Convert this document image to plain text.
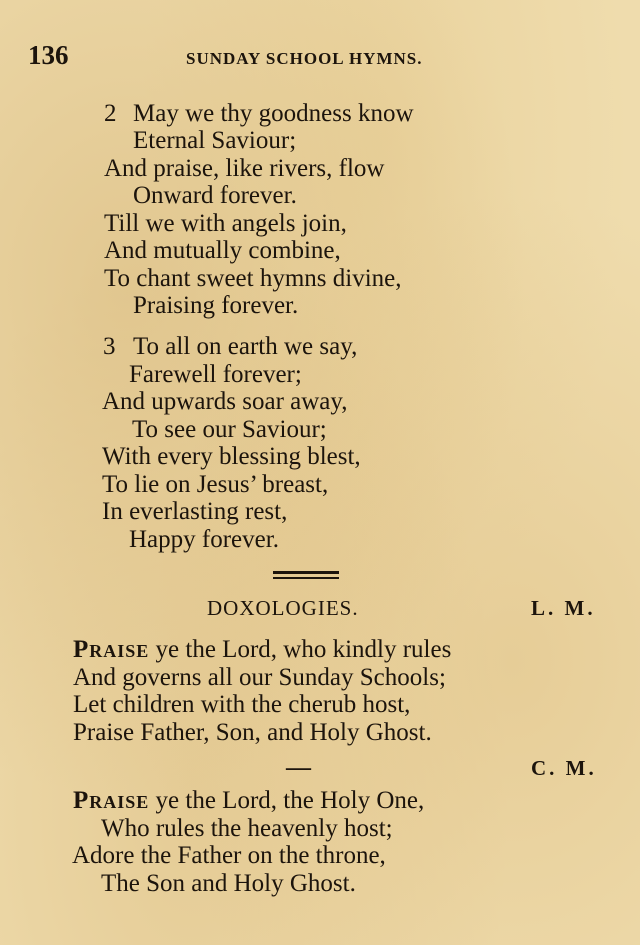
136	SUNDAY SCHOOL HYMNS.
2 May we thy goodness know
Eternal Saviour;
And praise, like rivers, flow
Onward forever.
Till we with angels join,
And mutually combine,
To chant sweet hymns divine,
Praising forever.
3 To all on earth we say,
Farewell forever;
And upwards soar away,
To see our Saviour;
With every blessing blest,
To lie on Jesus’ breast,
In everlasting rest,
Happy forever.
DOXOLOGIES.	L. M.
Praise ye the Lord, who kindly rules
And governs all our Sunday Schools;
Let children with the cherub host,
Praise Father, Son, and Holy Ghost.
—	C. M.
Praise ye the Lord, the Holy One,
Who rules the heavenly host;
Adore the Father on the throne,
The Son and Holy Ghost.
